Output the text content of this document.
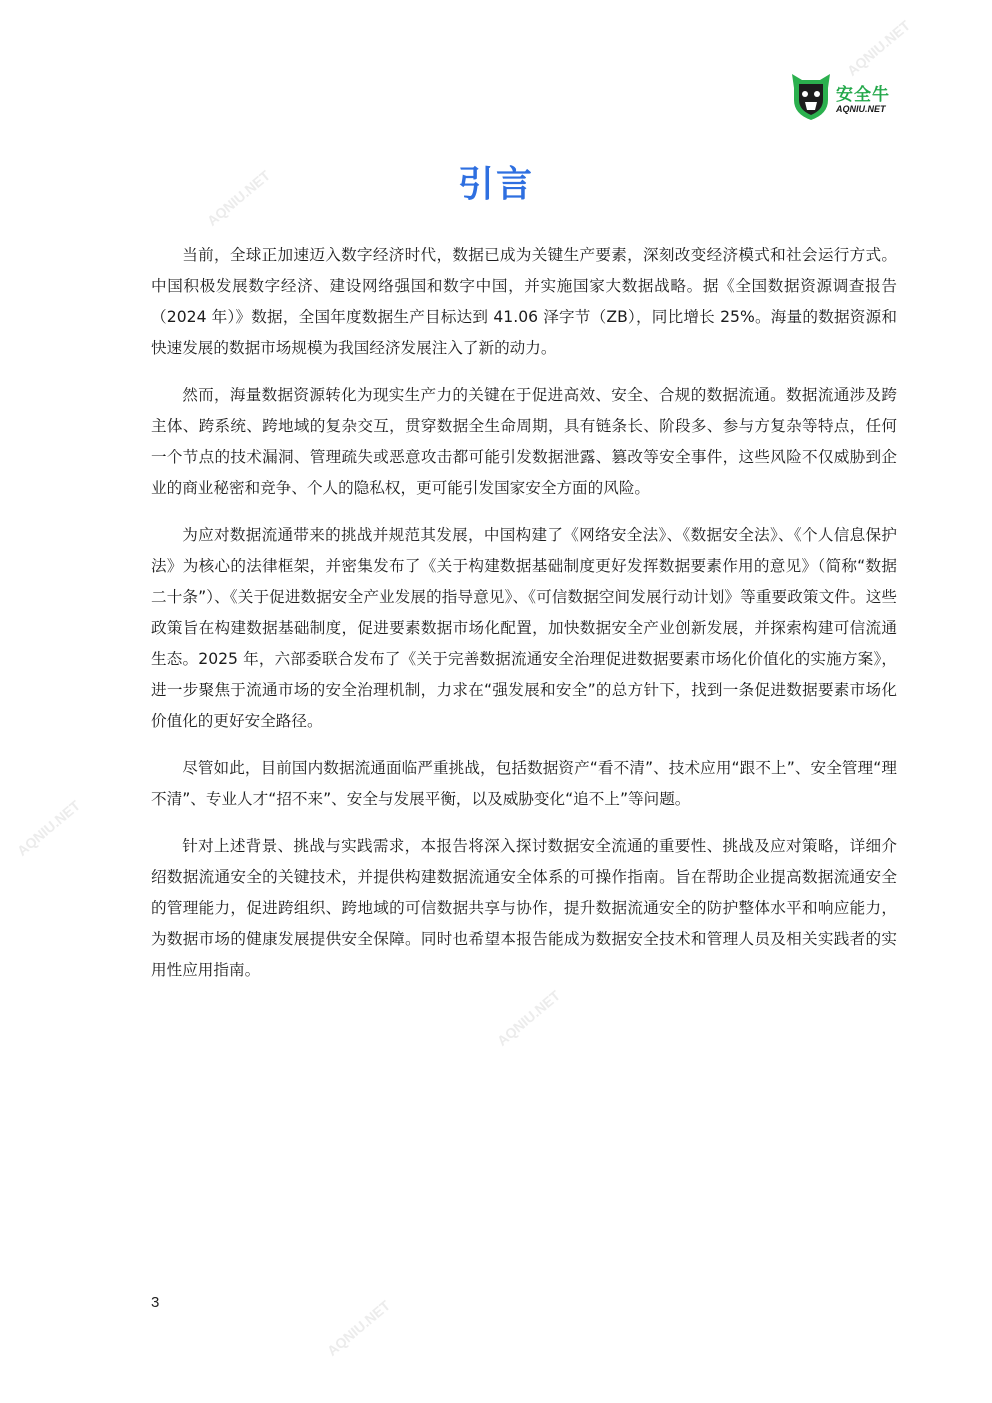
AQNIU.NET
AQNIU.NET
AQNIU.NET
AQNIU.NET
AQNIU.NET
安全牛
AQNIU.NET
引言

当前，全球正加速迈入数字经济时代，数据已成为关键生产要素，深刻改变经济模式和社会运行方式。中国积极发展数字经济、建设网络强国和数字中国，并实施国家大数据战略。据《全国数据资源调查报告（2024 年）》数据，全国年度数据生产目标达到 41.06 泽字节（ZB），同比增长 25%。海量的数据资源和快速发展的数据市场规模为我国经济发展注入了新的动力。

然而，海量数据资源转化为现实生产力的关键在于促进高效、安全、合规的数据流通。数据流通涉及跨主体、跨系统、跨地域的复杂交互，贯穿数据全生命周期，具有链条长、阶段多、参与方复杂等特点，任何一个节点的技术漏洞、管理疏失或恶意攻击都可能引发数据泄露、篡改等安全事件，这些风险不仅威胁到企业的商业秘密和竞争、个人的隐私权，更可能引发国家安全方面的风险。

为应对数据流通带来的挑战并规范其发展，中国构建了《网络安全法》、《数据安全法》、《个人信息保护法》为核心的法律框架，并密集发布了《关于构建数据基础制度更好发挥数据要素作用的意见》（简称“数据二十条”）、《关于促进数据安全产业发展的指导意见》、《可信数据空间发展行动计划》等重要政策文件。这些政策旨在构建数据基础制度，促进要素数据市场化配置，加快数据安全产业创新发展，并探索构建可信流通生态。2025 年，六部委联合发布了《关于完善数据流通安全治理促进数据要素市场化价值化的实施方案》，进一步聚焦于流通市场的安全治理机制，力求在“强发展和安全”的总方针下，找到一条促进数据要素市场化价值化的更好安全路径。

尽管如此，目前国内数据流通面临严重挑战，包括数据资产“看不清”、技术应用“跟不上”、安全管理“理不清”、专业人才“招不来”、安全与发展平衡，以及威胁变化“追不上”等问题。

针对上述背景、挑战与实践需求，本报告将深入探讨数据安全流通的重要性、挑战及应对策略，详细介绍数据流通安全的关键技术，并提供构建数据流通安全体系的可操作指南。旨在帮助企业提高数据流通安全的管理能力，促进跨组织、跨地域的可信数据共享与协作，提升数据流通安全的防护整体水平和响应能力，为数据市场的健康发展提供安全保障。同时也希望本报告能成为数据安全技术和管理人员及相关实践者的实用性应用指南。

3
